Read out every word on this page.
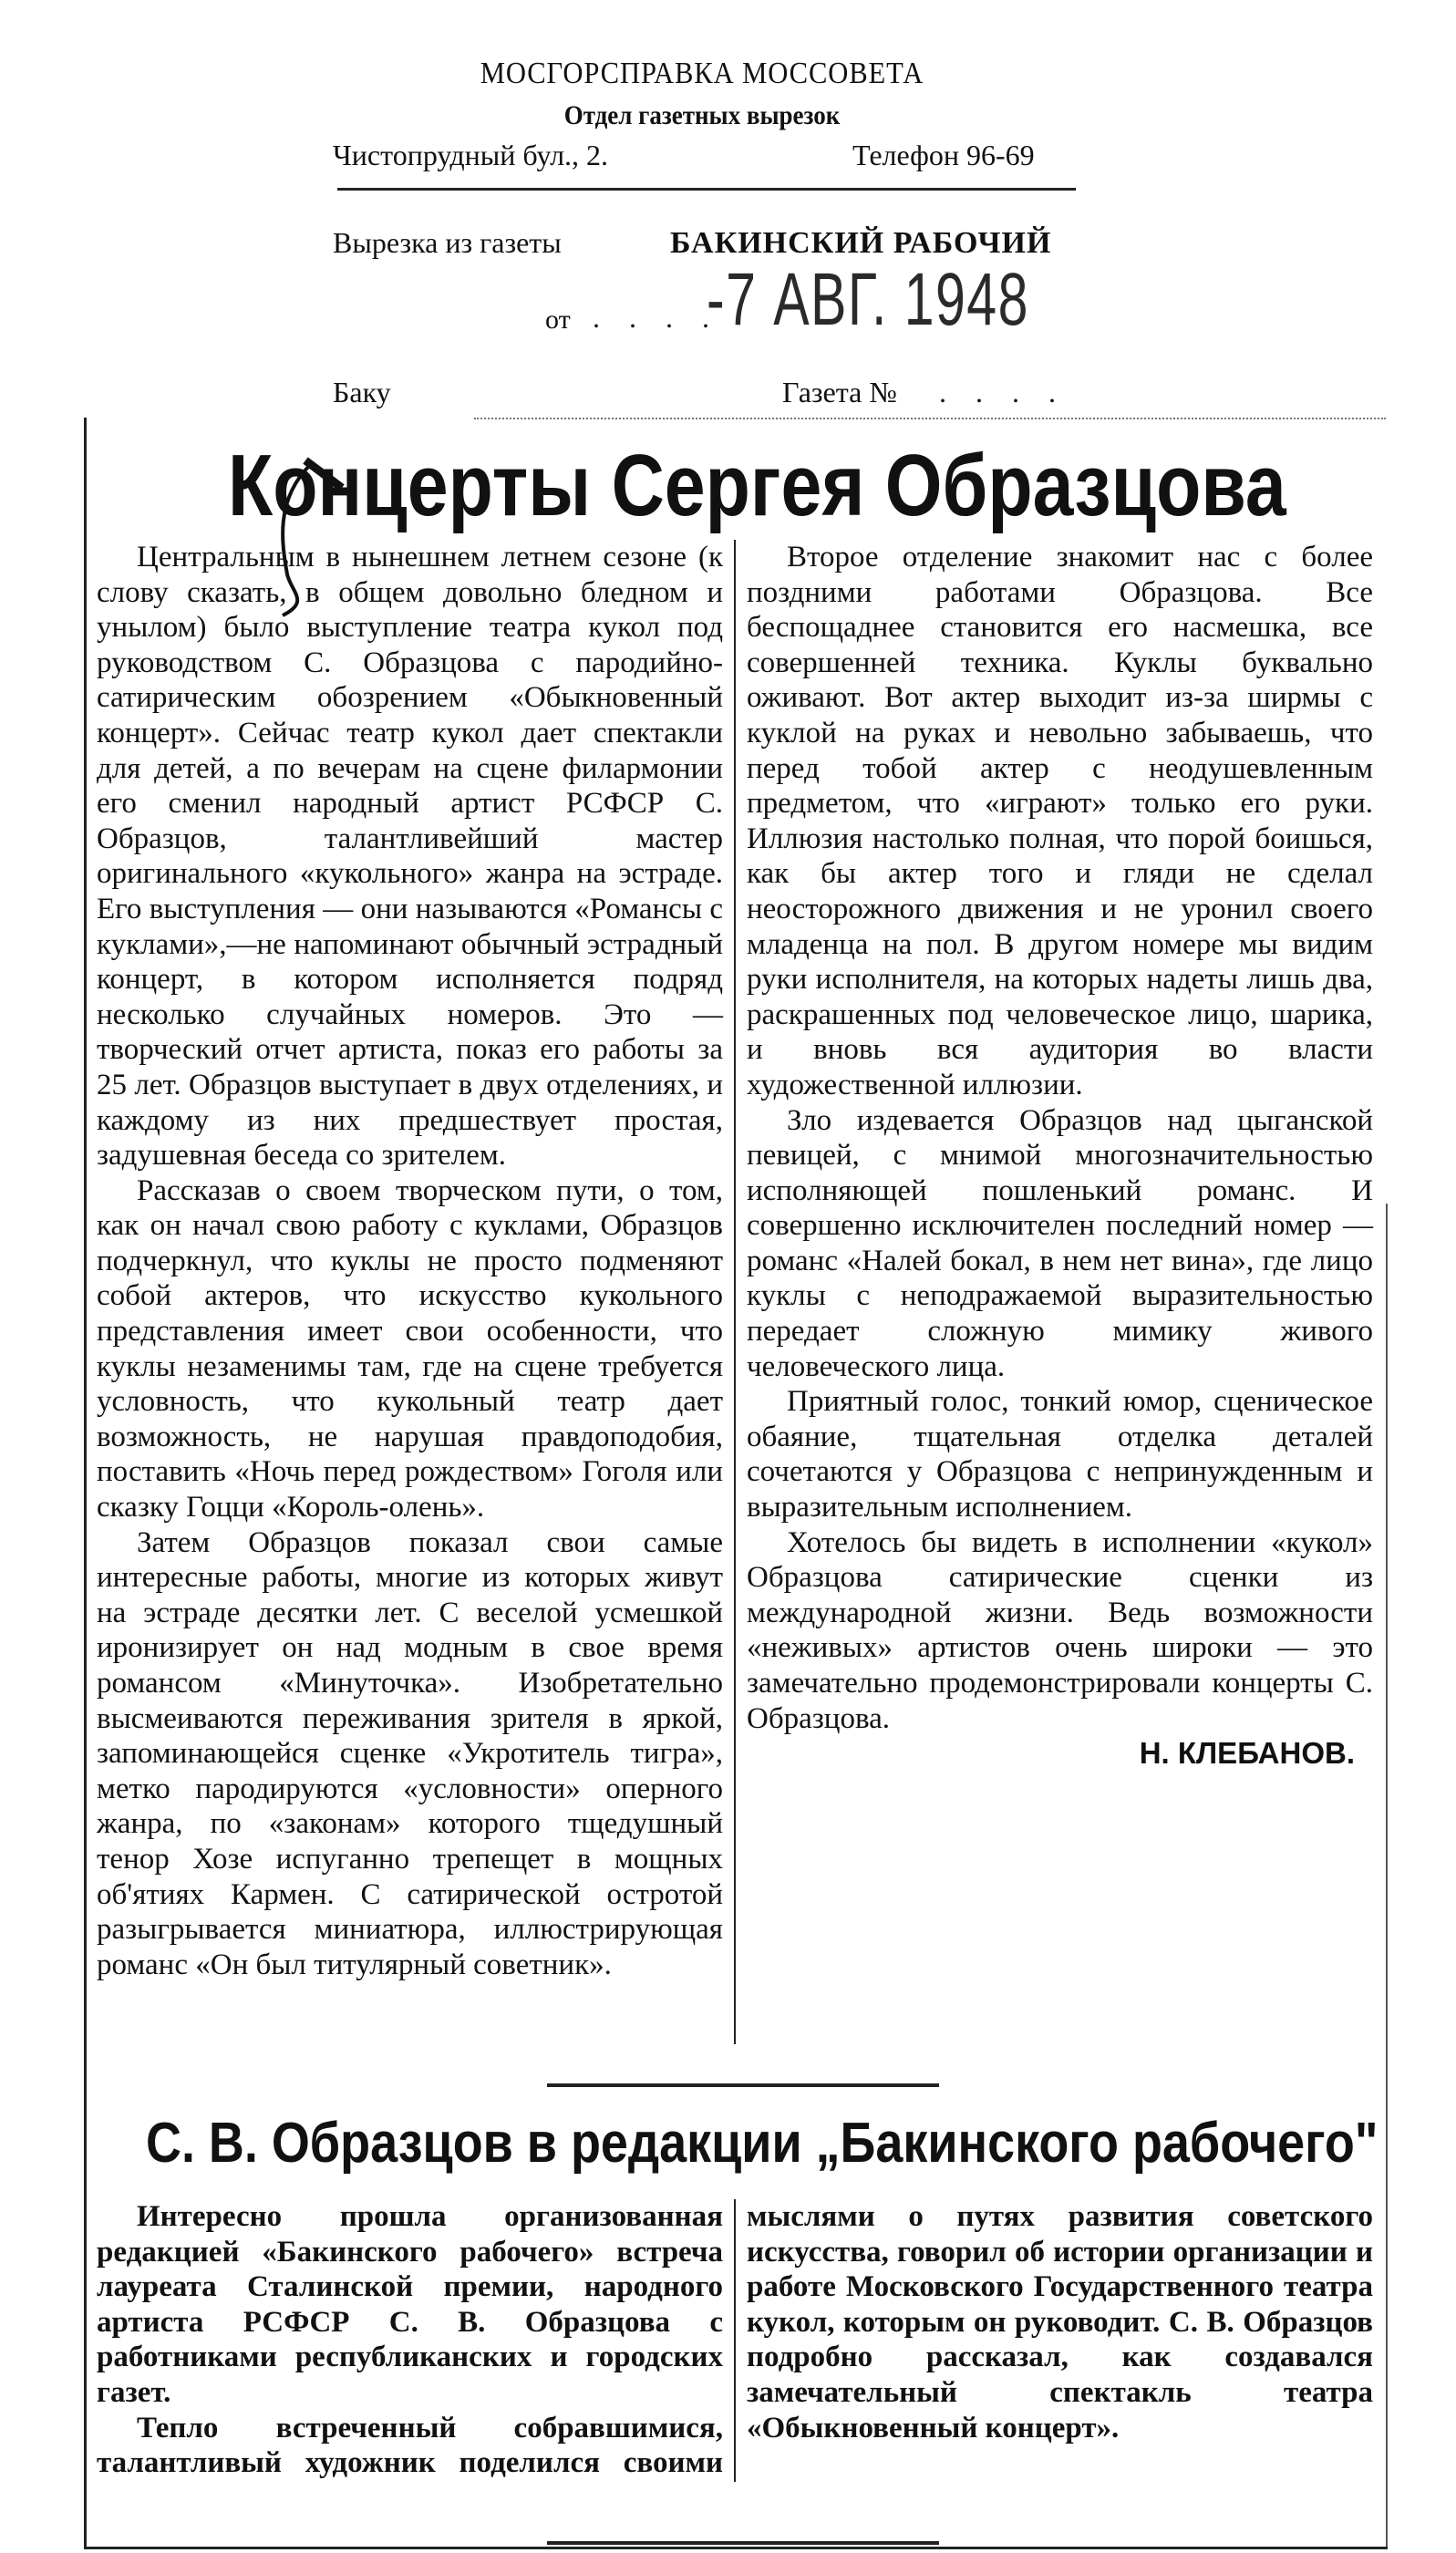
МОСГОРСПРАВКА МОССОВЕТА
Отдел газетных вырезок
Чистопрудный бул., 2.	Телефон 96-69
Вырезка из газеты	БАКИНСКИЙ РАБОЧИЙ
от . . . .
-7 АВГ. 1948
Баку	Газета № . . . .
Концерты Сергея Образцова

Центральным в нынешнем летнем сезоне (к слову сказать, в общем довольно бледном и унылом) было выступление театра кукол под руководством С. Образцова с пародийно-сатирическим обозрением «Обыкновенный концерт». Сейчас театр кукол дает спектакли для детей, а по вечерам на сцене филармонии его сменил народный артист РСФСР С. Образцов, талантливейший мастер оригинального «кукольного» жанра на эстраде. Его выступления — они называются «Романсы с куклами»,—не напоминают обычный эстрадный концерт, в котором исполняется подряд несколько случайных номеров. Это —творческий отчет артиста, показ его работы за 25 лет. Образцов выступает в двух отделениях, и каждому из них предшествует простая, задушевная беседа со зрителем.

Рассказав о своем творческом пути, о том, как он начал свою работу с куклами, Образцов подчеркнул, что куклы не просто подменяют собой актеров, что искусство кукольного представления имеет свои особенности, что куклы незаменимы там, где на сцене требуется условность, что кукольный театр дает возможность, не нарушая правдоподобия, поставить «Ночь перед рождеством» Гоголя или сказку Гоцци «Король-олень».

Затем Образцов показал свои самые интересные работы, многие из которых живут на эстраде десятки лет. С веселой усмешкой иронизирует он над модным в свое время романсом «Минуточка». Изобретательно высмеиваются переживания зрителя в яркой, запоминающейся сценке «Укротитель тигра», метко пародируются «условности» оперного жанра, по «законам» которого тщедушный тенор Хозе испуганно трепещет в мощных об'ятиях Кармен. С сатирической остротой разыгрывается миниатюра, иллюстрирующая романс «Он был титулярный советник».

Второе отделение знакомит нас с более поздними работами Образцова. Все беспощаднее становится его насмешка, все совершенней техника. Куклы буквально оживают. Вот актер выходит из-за ширмы с куклой на руках и невольно забываешь, что перед тобой актер с неодушевленным предметом, что «играют» только его руки. Иллюзия настолько полная, что порой боишься, как бы актер того и гляди не сделал неосторожного движения и не уронил своего младенца на пол. В другом номере мы видим руки исполнителя, на которых надеты лишь два, раскрашенных под человеческое лицо, шарика, и вновь вся аудитория во власти художественной иллюзии.

Зло издевается Образцов над цыганской певицей, с мнимой многозначительностью исполняющей пошленький романс. И совершенно исключителен последний номер —романс «Налей бокал, в нем нет вина», где лицо куклы с неподражаемой выразительностью передает сложную мимику живого человеческого лица.

Приятный голос, тонкий юмор, сценическое обаяние, тщательная отделка деталей сочетаются у Образцова с непринужденным и выразительным исполнением.

Хотелось бы видеть в исполнении «кукол» Образцова сатирические сценки из международной жизни. Ведь возможности «неживых» артистов очень широки — это замечательно продемонстрировали концерты С. Образцова.

Н. КЛЕБАНОВ.
С. В. Образцов в редакции „Бакинского рабочего"

Интересно прошла организованная редакцией «Бакинского рабочего» встреча лауреата Сталинской премии, народного артиста РСФСР С. В. Образцова с работниками республиканских и городских газет.

Тепло встреченный собравшимися, талантливый художник поделился своими мыслями о путях развития советского искусства, говорил об истории организации и работе Московского Государственного театра кукол, которым он руководит. С. В. Образцов подробно рассказал, как создавался замечательный спектакль театра «Обыкновенный концерт».
